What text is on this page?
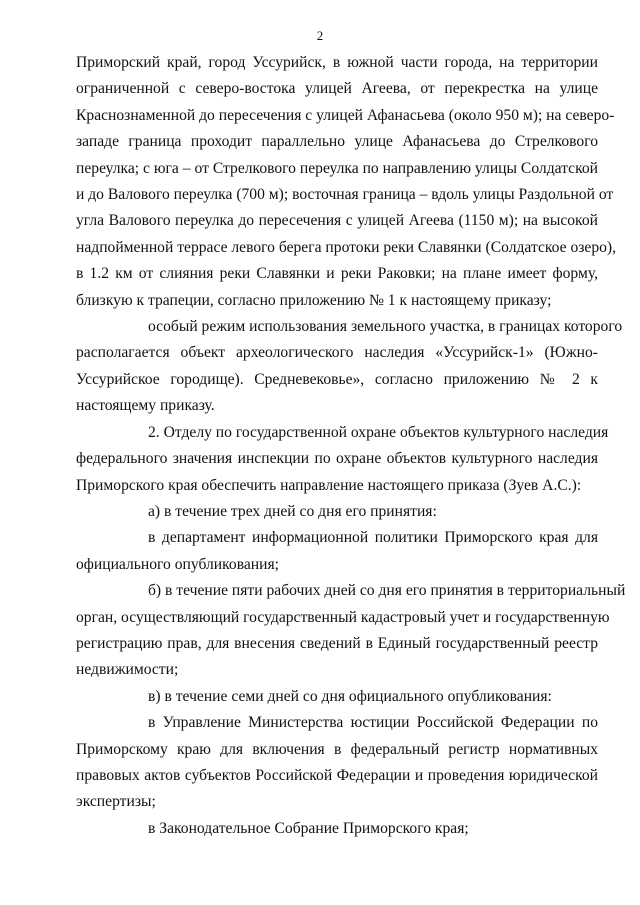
2
Приморский край, город Уссурийск, в южной части города, на территории
ограниченной с северо-востока улицей Агеева, от перекрестка на улице
Краснознаменной до пересечения с улицей Афанасьева (около 950 м); на северо-
западе граница проходит параллельно улице Афанасьева до Стрелкового
переулка; с юга – от Стрелкового переулка по направлению улицы Солдатской
и до Валового переулка (700 м); восточная граница – вдоль улицы Раздольной от
угла Валового переулка до пересечения с улицей Агеева (1150 м); на высокой
надпойменной террасе левого берега протоки реки Славянки (Солдатское озеро),
в 1.2 км от слияния реки Славянки и реки Раковки; на плане имеет форму,
близкую к трапеции, согласно приложению № 1 к настоящему приказу;
особый режим использования земельного участка, в границах которого
располагается объект археологического наследия «Уссурийск-1» (Южно-
Уссурийское городище). Средневековье», согласно приложению № 2 к
настоящему приказу.
2. Отделу по государственной охране объектов культурного наследия
федерального значения инспекции по охране объектов культурного наследия
Приморского края обеспечить направление настоящего приказа (Зуев А.С.):
а) в течение трех дней со дня его принятия:
в департамент информационной политики Приморского края для
официального опубликования;
б) в течение пяти рабочих дней со дня его принятия в территориальный
орган, осуществляющий государственный кадастровый учет и государственную
регистрацию прав, для внесения сведений в Единый государственный реестр
недвижимости;
в) в течение семи дней со дня официального опубликования:
в Управление Министерства юстиции Российской Федерации по
Приморскому краю для включения в федеральный регистр нормативных
правовых актов субъектов Российской Федерации и проведения юридической
экспертизы;
в Законодательное Собрание Приморского края;
